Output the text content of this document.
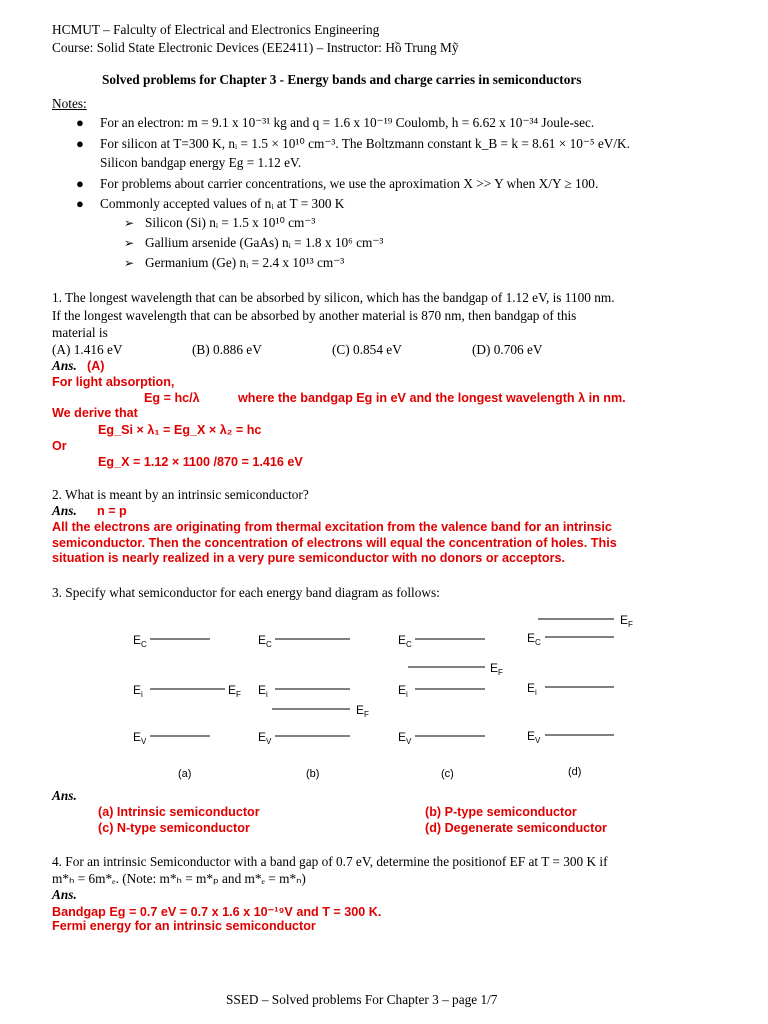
HCMUT – Falculty of Electrical and Electronics Engineering
Course: Solid State Electronic Devices (EE2411) – Instructor: Hồ Trung Mỹ
Solved problems for Chapter 3 - Energy bands and charge carries in semiconductors
Notes:
● For an electron: m = 9.1 x 10⁻³¹ kg and q = 1.6 x 10⁻¹⁹ Coulomb, h = 6.62 x 10⁻³⁴ Joule-sec.
● For silicon at T=300 K, nᵢ = 1.5 × 10¹⁰ cm⁻³. The Boltzmann constant k_B = k = 8.61 × 10⁻⁵ eV/K.
Silicon bandgap energy Eg = 1.12 eV.
● For problems about carrier concentrations, we use the aproximation X >> Y when X/Y ≥ 100.
● Commonly accepted values of nᵢ at T = 300 K
➢ Silicon (Si) nᵢ = 1.5 x 10¹⁰ cm⁻³
➢ Gallium arsenide (GaAs) nᵢ = 1.8 x 10⁶ cm⁻³
➢ Germanium (Ge) nᵢ = 2.4 x 10¹³ cm⁻³
1. The longest wavelength that can be absorbed by silicon, which has the bandgap of 1.12 eV, is 1100 nm.
If the longest wavelength that can be absorbed by another material is 870 nm, then bandgap of this
material is
(A) 1.416 eV	(B) 0.886 eV	(C) 0.854 eV	(D) 0.706 eV
Ans. (A)
For light absorption,
Eg = hc/λ	where the bandgap Eg in eV and the longest wavelength λ in nm.
We derive that
Eg_Si × λ₁ = Eg_X × λ₂ = hc
Or
Eg_X = 1.12 × 1100 /870 = 1.416 eV
2. What is meant by an intrinsic semiconductor?
Ans. n = p
All the electrons are originating from thermal excitation from the valence band for an intrinsic
semiconductor. Then the concentration of electrons will equal the concentration of holes. This
situation is nearly realized in a very pure semiconductor with no donors or acceptors.
3. Specify what semiconductor for each energy band diagram as follows:
$E_C$
$E_i$	$E_F$
$E_V$
$E_C$
$E_i$
$E_F$
$E_V$
$E_C$
$E_F$
$E_i$
$E_V$
$E_F$
$E_C$
$E_i$
$E_V$
(a)	(b)	(c)	(d)
Ans.
(a) Intrinsic semiconductor	(b) P-type semiconductor
(c) N-type semiconductor	(d) Degenerate semiconductor
4. For an intrinsic Semiconductor with a band gap of 0.7 eV, determine the positionof EF at T = 300 K if
m*ₕ = 6m*ₑ. (Note: m*ₕ = m*ₚ and m*ₑ = m*ₙ)
Ans.
Bandgap Eg = 0.7 eV = 0.7 x 1.6 x 10⁻¹⁹V and T = 300 K.
Fermi energy for an intrinsic semiconductor
SSED – Solved problems For Chapter 3 – page 1/7
